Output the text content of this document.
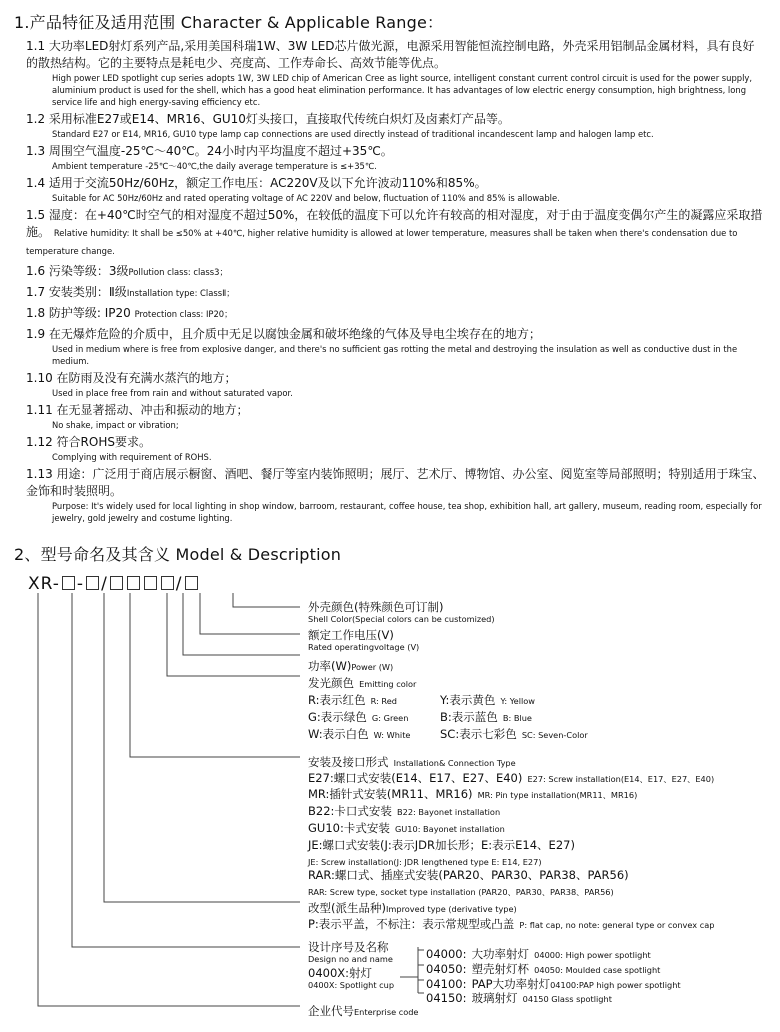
1.产品特征及适用范围 Character & Applicable Range：
1.1 大功率LED射灯系列产品,采用美国科瑞1W、3W LED芯片做光源，电源采用智能恒流控制电路，外壳采用铝制品金属材料，具有良好的散热结构。它的主要特点是耗电少、亮度高、工作寿命长、高效节能等优点。
High power LED spotlight cup series adopts 1W, 3W LED chip of American Cree as light source, intelligent constant current control circuit is used for the power supply, aluminium product is used for the shell, which has a good heat elimination performance. It has advantages of low electric energy consumption, high brightness, long service life and high energy-saving efficiency etc.
1.2 采用标准E27或E14、MR16、GU10灯头接口，直接取代传统白炽灯及卤素灯产品等。
Standard E27 or E14, MR16, GU10 type lamp cap connections are used directly instead of traditional incandescent lamp and halogen lamp etc.
1.3 周围空气温度-25℃～40℃。24小时内平均温度不超过+35℃。
Ambient temperature -25℃～40℃,the daily average temperature is ≤+35℃.
1.4 适用于交流50Hz/60Hz，额定工作电压：AC220V及以下允许波动110%和85%。
Suitable for AC 50Hz/60Hz and rated operating voltage of AC 220V and below, fluctuation of 110% and 85% is allowable.
1.5 湿度：在+40℃时空气的相对湿度不超过50%，在较低的温度下可以允许有较高的相对湿度，对于由于温度变偶尔产生的凝露应采取措施。 Relative humidity: It shall be ≤50% at +40℃, higher relative humidity is allowed at lower temperature, measures shall be taken when there's condensation due to temperature change.
1.6 污染等级：3级Pollution class: class3；
1.7 安装类别：Ⅱ级Installation type: ClassⅡ；
1.8 防护等级: IP20 Protection class: IP20；
1.9 在无爆炸危险的介质中，且介质中无足以腐蚀金属和破坏绝缘的气体及导电尘埃存在的地方；
Used in medium where is free from explosive danger, and there's no sufficient gas rotting the metal and destroying the insulation as well as conductive dust in the medium.
1.10 在防雨及没有充满水蒸汽的地方；
Used in place free from rain and without saturated vapor.
1.11 在无显著摇动、冲击和振动的地方；
No shake, impact or vibration;
1.12 符合ROHS要求。
Complying with requirement of ROHS.
1.13 用途：广泛用于商店展示橱窗、酒吧、餐厅等室内装饰照明；展厅、艺术厅、博物馆、办公室、阅览室等局部照明；特别适用于珠宝、金饰和时装照明。
Purpose: It's widely used for local lighting in shop window, barroom, restaurant, coffee house, tea shop, exhibition hall, art gallery, museum, reading room, especially for jewelry, gold jewelry and costume lighting.
2、型号命名及其含义 Model & Description
XR- - /	/
外壳颜色(特殊颜色可订制)
Shell Color(Special colors can be customized)
额定工作电压(V)
Rated operatingvoltage (V)
功率(W)Power (W)
发光颜色 Emitting color
R:表示红色 R: Red	Y:表示黄色 Y: Yellow
G:表示绿色 G: Green	B:表示蓝色 B: Blue
W:表示白色 W: White	SC:表示七彩色 SC: Seven-Color
安装及接口形式 Installation& Connection Type
E27:螺口式安装(E14、E17、E27、E40) E27: Screw installation(E14、E17、E27、E40)
MR:插针式安装(MR11、MR16) MR: Pin type installation(MR11、MR16)
B22:卡口式安装 B22: Bayonet installation
GU10:卡式安装 GU10: Bayonet installation
JE:螺口式安装(J:表示JDR加长形；E:表示E14、E27)
JE: Screw installation(J: JDR lengthened type E: E14, E27)
RAR:螺口式、插座式安装(PAR20、PAR30、PAR38、PAR56)
RAR: Screw type, socket type installation (PAR20、PAR30、PAR38、PAR56)
改型(派生品种)Improved type (derivative type)
P:表示平盖，不标注：表示常规型或凸盖 P: flat cap, no note: general type or convex cap
设计序号及名称
Design no and name
0400X:射灯
0400X: Spotlight cup
04000: 大功率射灯 04000: High power spotlight
04050: 塑壳射灯杯 04050: Moulded case spotlight
04100: PAP大功率射灯04100:PAP high power spotlight
04150: 玻璃射灯 04150 Glass spotlight
企业代号Enterprise code
